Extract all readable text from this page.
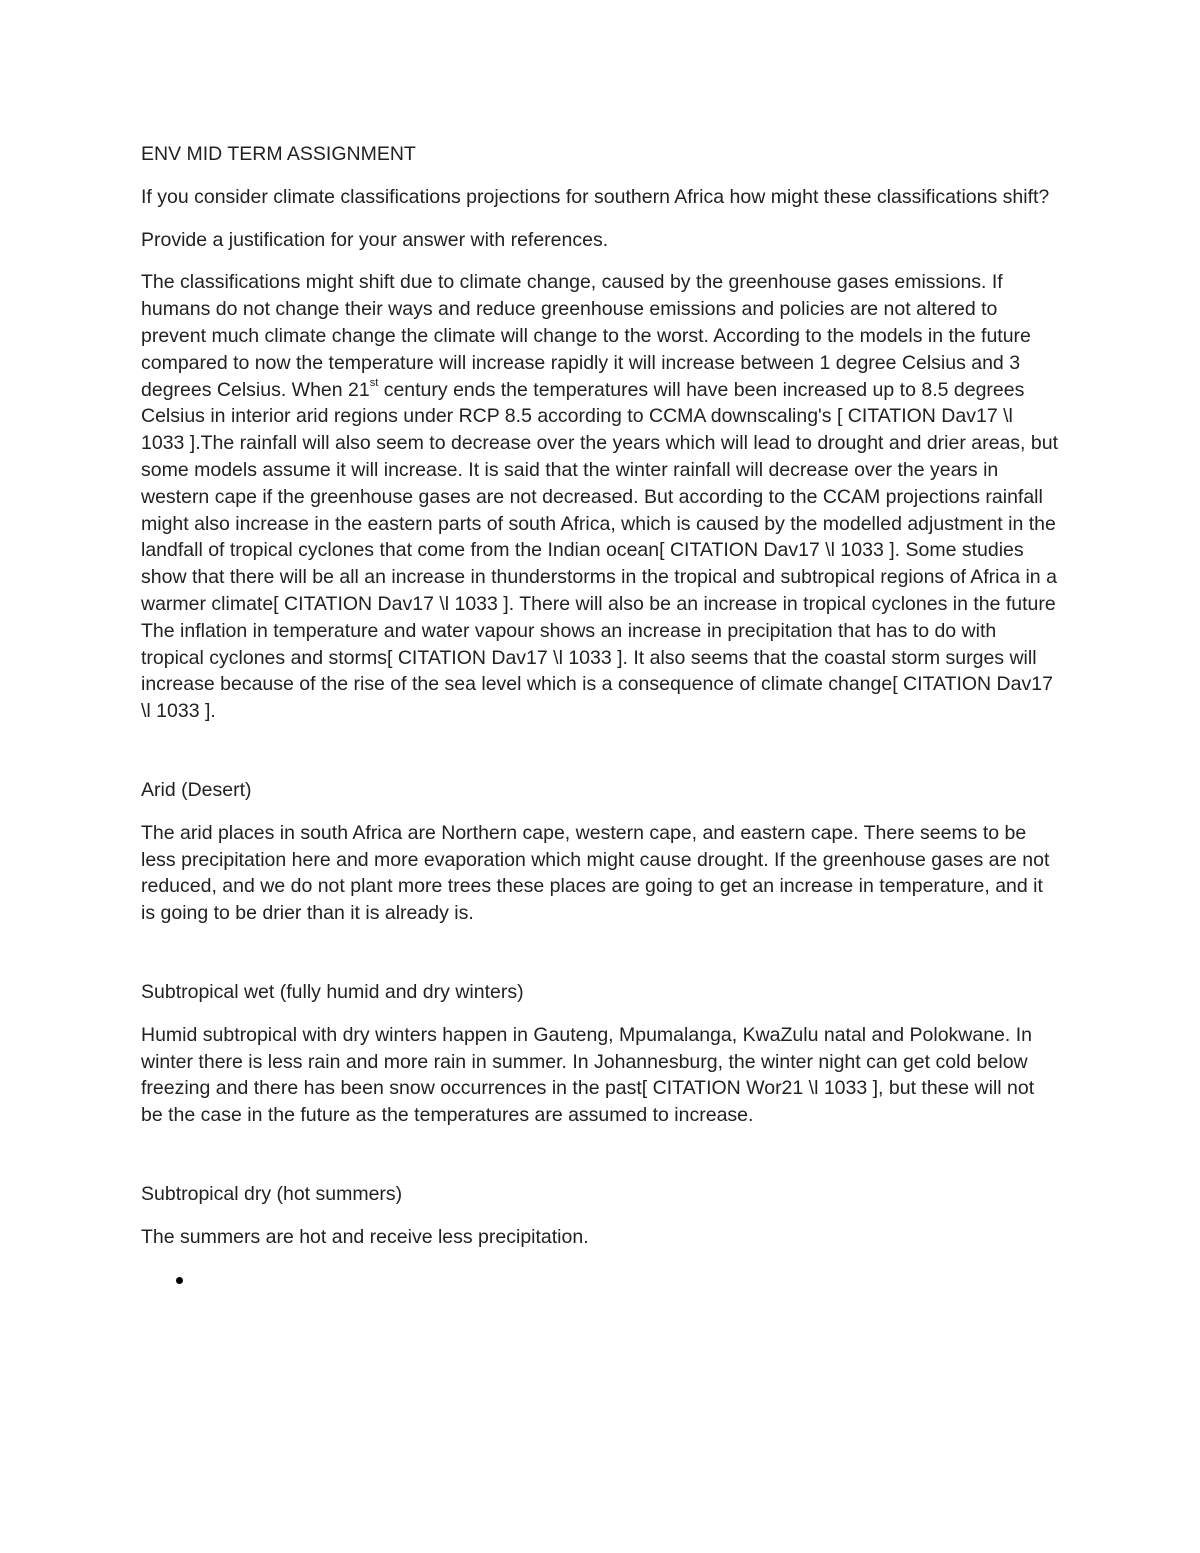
ENV MID TERM ASSIGNMENT

If you consider climate classifications projections for southern Africa how might these classifications shift?

Provide a justification for your answer with references.

The classifications might shift due to climate change, caused by the greenhouse gases emissions. If humans do not change their ways and reduce greenhouse emissions and policies are not altered to prevent much climate change the climate will change to the worst. According to the models in the future compared to now the temperature will increase rapidly it will increase between 1 degree Celsius and 3 degrees Celsius. When 21st century ends the temperatures will have been increased up to 8.5 degrees Celsius in interior arid regions under RCP 8.5 according to CCMA downscaling's [ CITATION Dav17 \l 1033 ].The rainfall will also seem to decrease over the years which will lead to drought and drier areas, but some models assume it will increase. It is said that the winter rainfall will decrease over the years in western cape if the greenhouse gases are not decreased. But according to the CCAM projections rainfall might also increase in the eastern parts of south Africa, which is caused by the modelled adjustment in the landfall of tropical cyclones that come from the Indian ocean[ CITATION Dav17 \l 1033 ]. Some studies show that there will be all an increase in thunderstorms in the tropical and subtropical regions of Africa in a warmer climate[ CITATION Dav17 \l 1033 ]. There will also be an increase in tropical cyclones in the future The inflation in temperature and water vapour shows an increase in precipitation that has to do with tropical cyclones and storms[ CITATION Dav17 \l 1033 ]. It also seems that the coastal storm surges will increase because of the rise of the sea level which is a consequence of climate change[ CITATION Dav17 \l 1033 ].

Arid (Desert)

The arid places in south Africa are Northern cape, western cape, and eastern cape. There seems to be less precipitation here and more evaporation which might cause drought. If the greenhouse gases are not reduced, and we do not plant more trees these places are going to get an increase in temperature, and it is going to be drier than it is already is.

Subtropical wet (fully humid and dry winters)

Humid subtropical with dry winters happen in Gauteng, Mpumalanga, KwaZulu natal and Polokwane. In winter there is less rain and more rain in summer. In Johannesburg, the winter night can get cold below freezing and there has been snow occurrences in the past[ CITATION Wor21 \l 1033 ], but these will not be the case in the future as the temperatures are assumed to increase.

Subtropical dry (hot summers)

The summers are hot and receive less precipitation.
